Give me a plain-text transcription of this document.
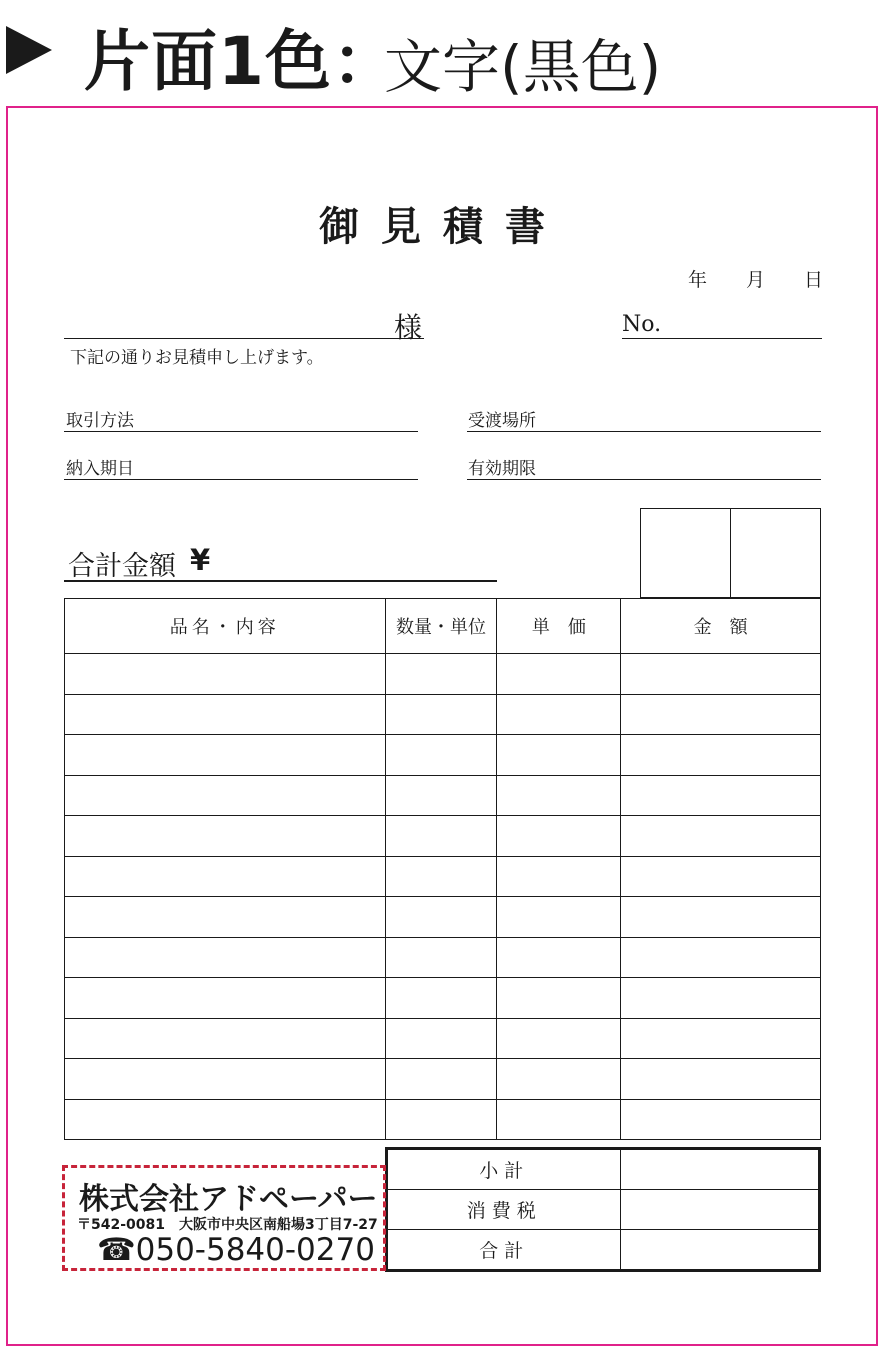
片面1色：
文字(黒色)
御見積書
年 月 日
様	No.
下記の通りお見積申し上げます。
取引方法	受渡場所
納入期日	有効期限
合計金額 ¥

品名・内容	数量・単位	単　価	金　額

小計	
消費税	
合計	
株式会社アドペーパー
〒542-0081　大阪市中央区南船場3丁目7-27
☎050-5840-0270
